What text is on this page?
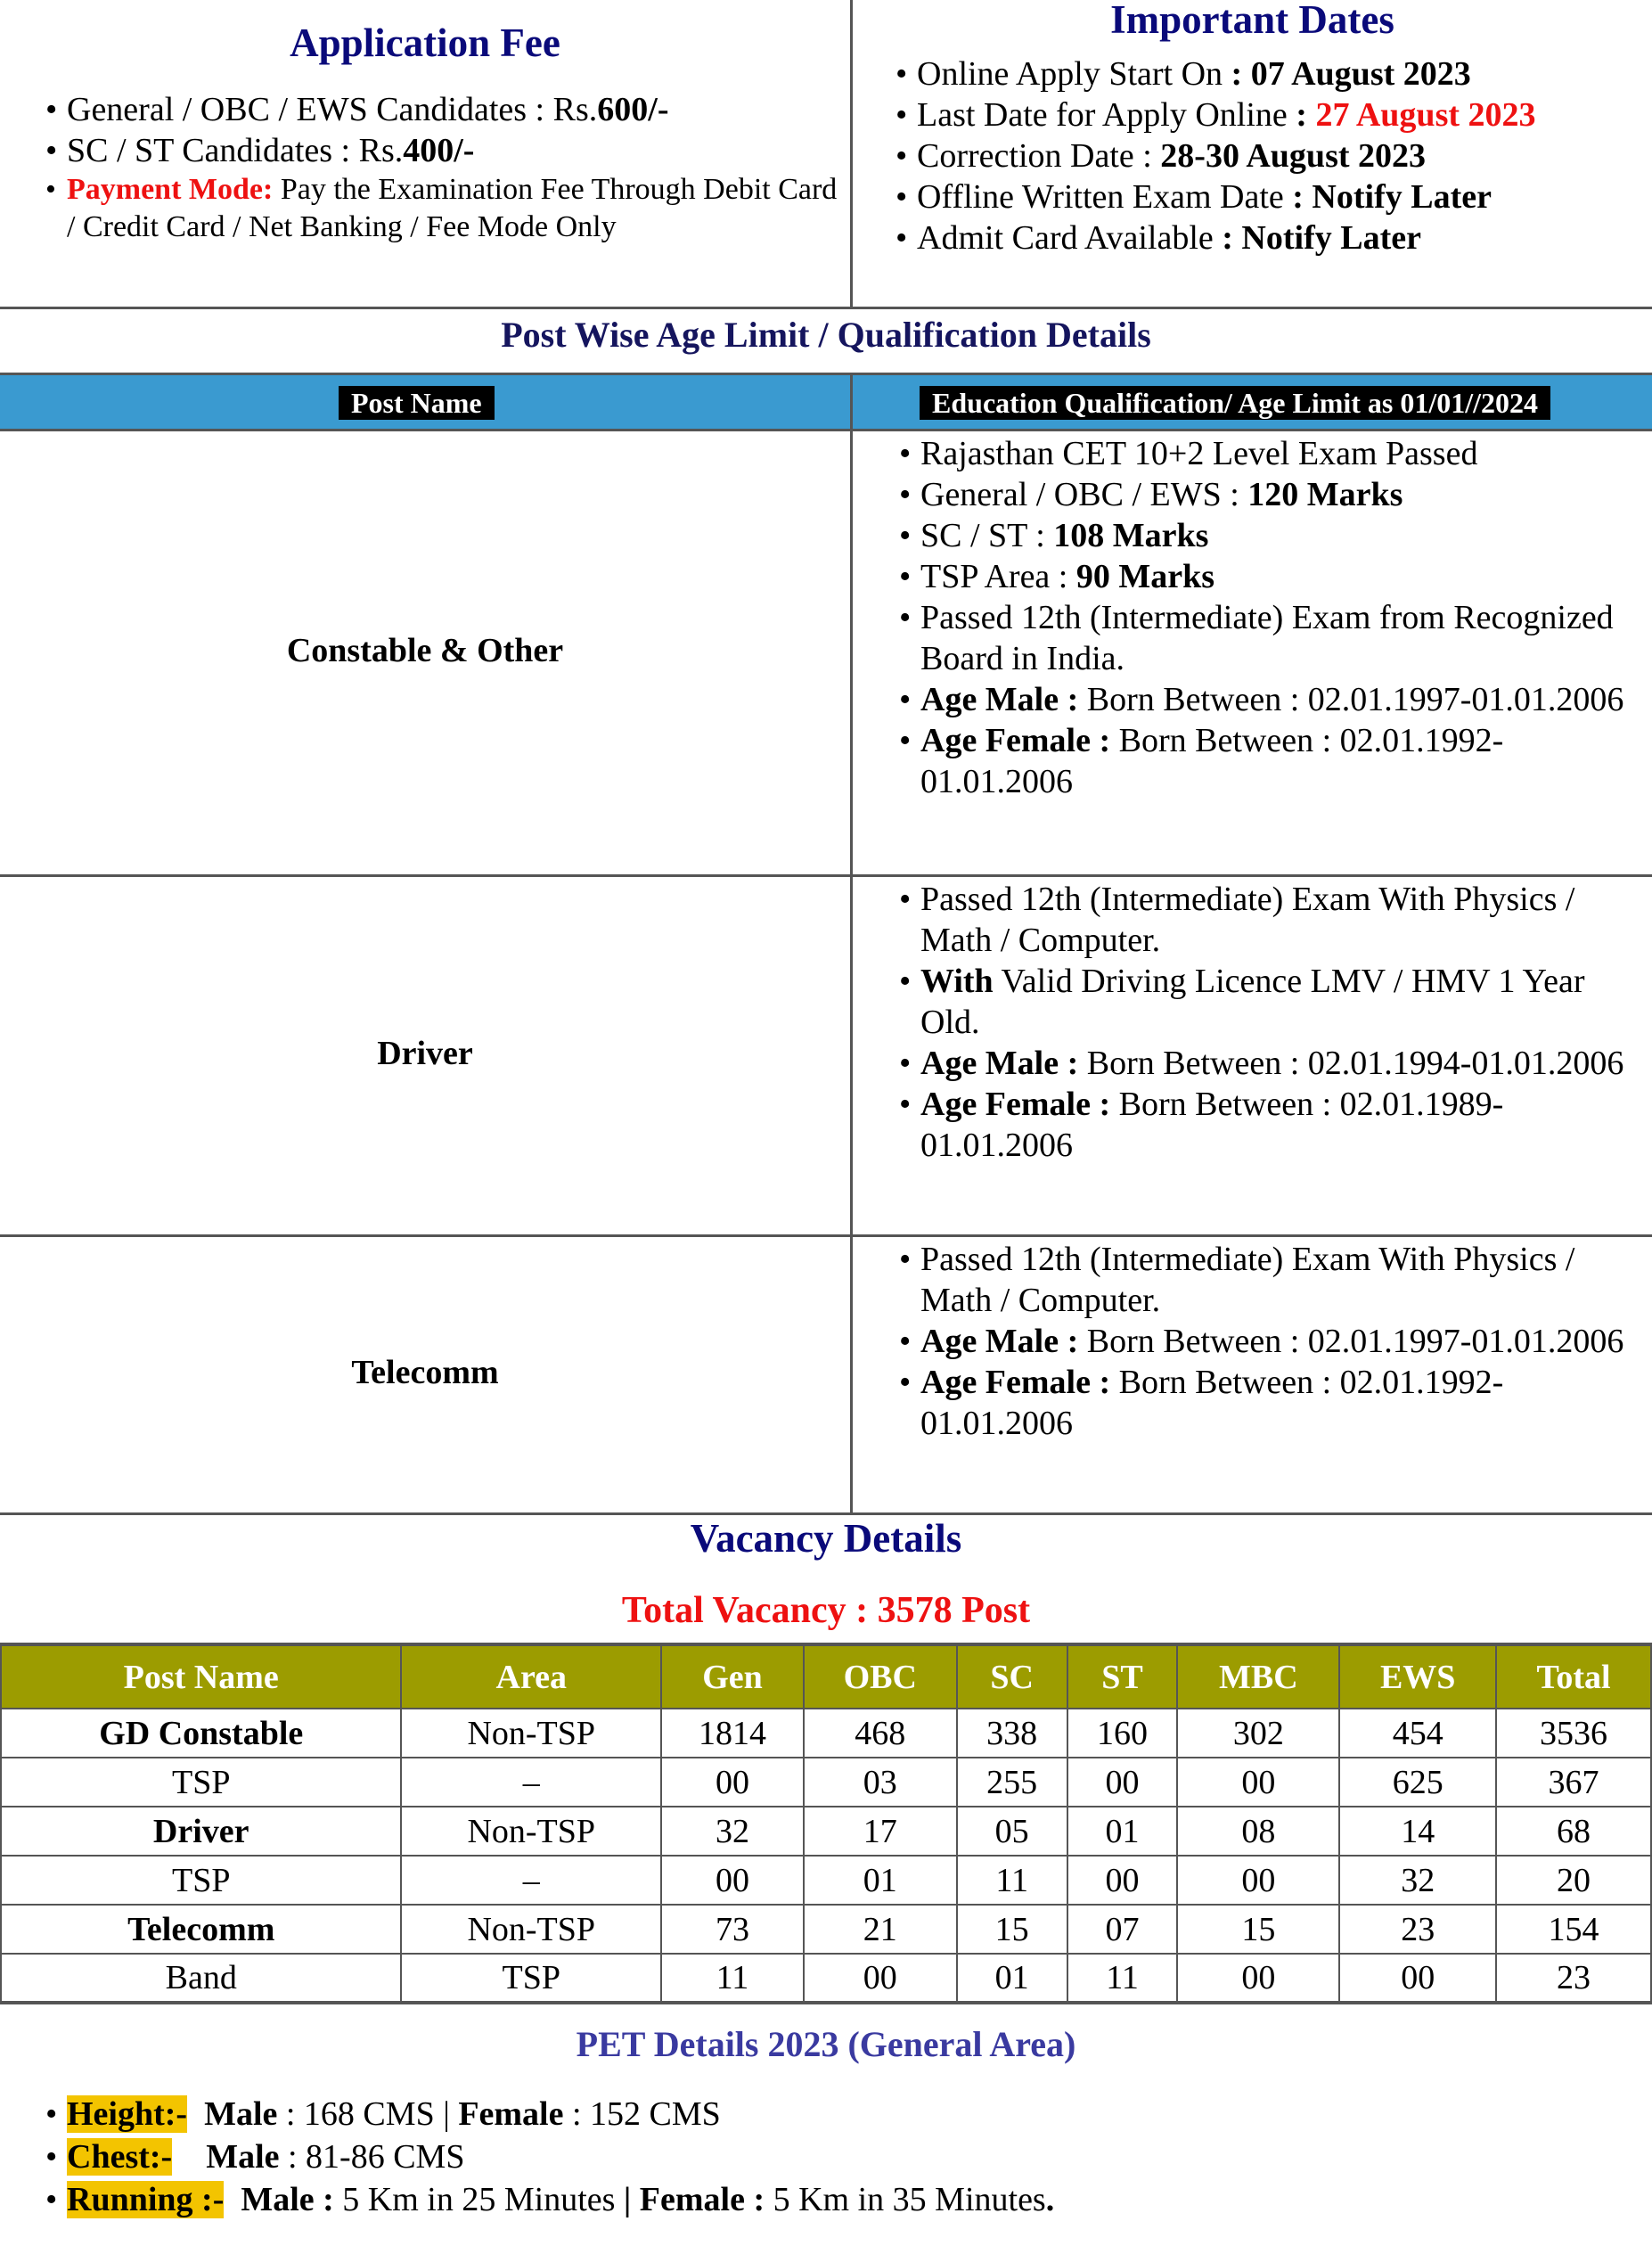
Application Fee
• General / OBC / EWS Candidates : Rs.600/-
• SC / ST Candidates : Rs.400/-
• Payment Mode: Pay the Examination Fee Through Debit Card / Credit Card / Net Banking / Fee Mode Only
Important Dates
• Online Apply Start On : 07 August 2023
• Last Date for Apply Online : 27 August 2023
• Correction Date : 28-30 August 2023
• Offline Written Exam Date : Notify Later
• Admit Card Available : Notify Later
Post Wise Age Limit / Qualification Details
Post Name	Education Qualification/ Age Limit as 01/01//2024
Constable & Other
• Rajasthan CET 10+2 Level Exam Passed
• General / OBC / EWS : 120 Marks
• SC / ST : 108 Marks
• TSP Area : 90 Marks
• Passed 12th (Intermediate) Exam from Recognized Board in India.
• Age Male : Born Between : 02.01.1997-01.01.2006
• Age Female : Born Between : 02.01.1992-01.01.2006
Driver
• Passed 12th (Intermediate) Exam With Physics / Math / Computer.
• With Valid Driving Licence LMV / HMV 1 Year Old.
• Age Male : Born Between : 02.01.1994-01.01.2006
• Age Female : Born Between : 02.01.1989-01.01.2006
Telecomm
• Passed 12th (Intermediate) Exam With Physics / Math / Computer.
• Age Male : Born Between : 02.01.1997-01.01.2006
• Age Female : Born Between : 02.01.1992-01.01.2006
Vacancy Details
Total Vacancy : 3578 Post
Post Name	Area	Gen	OBC	SC	ST	MBC	EWS	Total
GD Constable	Non-TSP	1814	468	338	160	302	454	3536
TSP	–	00	03	255	00	00	625	367
Driver	Non-TSP	32	17	05	01	08	14	68
TSP	–	00	01	11	00	00	32	20
Telecomm	Non-TSP	73	21	15	07	15	23	154
Band	TSP	11	00	01	11	00	00	23
PET Details 2023 (General Area)
• Height:- Male : 168 CMS | Female : 152 CMS
• Chest:- Male : 81-86 CMS
• Running :- Male : 5 Km in 25 Minutes | Female : 5 Km in 35 Minutes.
